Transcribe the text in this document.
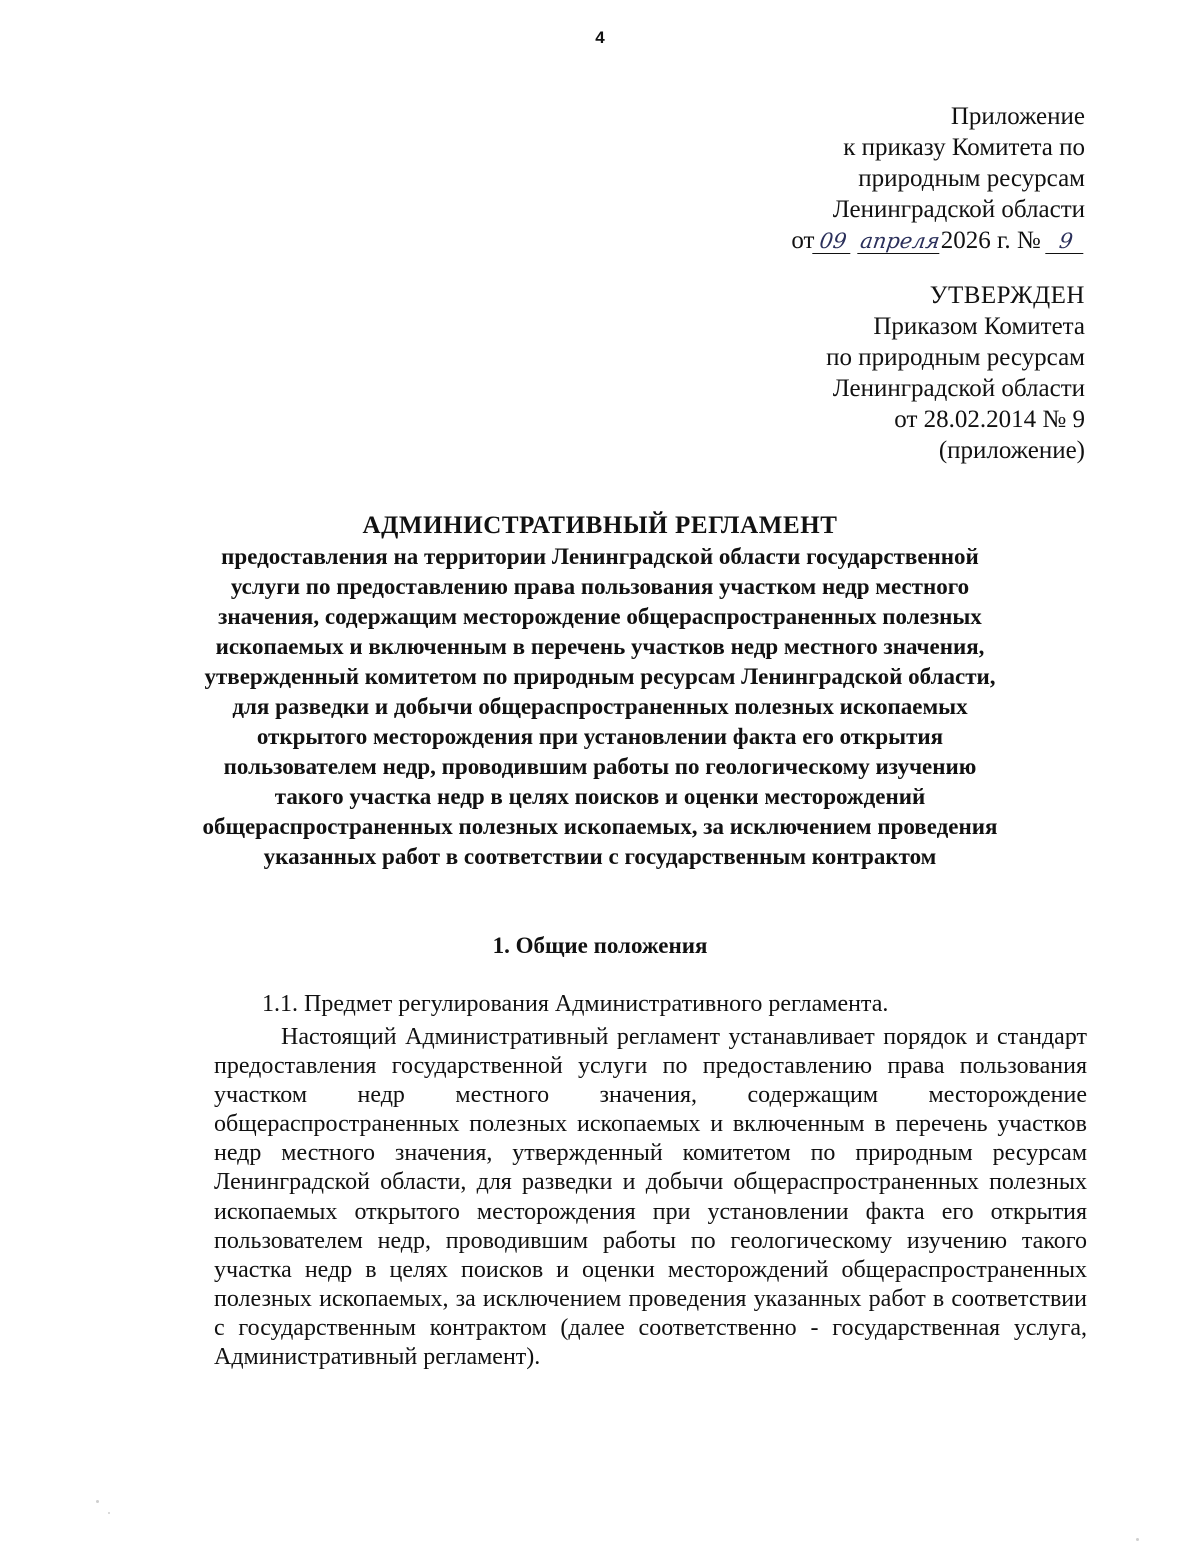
4
Приложение
к приказу Комитета по
природным ресурсам
Ленинградской области
от 09 апреля2026 г. № 9
УТВЕРЖДЕН
Приказом Комитета
по природным ресурсам
Ленинградской области
от 28.02.2014 № 9
(приложение)
АДМИНИСТРАТИВНЫЙ РЕГЛАМЕНТ
предоставления на территории Ленинградской области государственной услуги по предоставлению права пользования участком недр местного значения, содержащим месторождение общераспространенных полезных ископаемых и включенным в перечень участков недр местного значения, утвержденный комитетом по природным ресурсам Ленинградской области, для разведки и добычи общераспространенных полезных ископаемых открытого месторождения при установлении факта его открытия пользователем недр, проводившим работы по геологическому изучению такого участка недр в целях поисков и оценки месторождений общераспространенных полезных ископаемых, за исключением проведения указанных работ в соответствии с государственным контрактом
1. Общие положения
1.1. Предмет регулирования Административного регламента.
Настоящий Административный регламент устанавливает порядок и стандарт предоставления государственной услуги по предоставлению права пользования участком недр местного значения, содержащим месторождение общераспространенных полезных ископаемых и включенным в перечень участков недр местного значения, утвержденный комитетом по природным ресурсам Ленинградской области, для разведки и добычи общераспространенных полезных ископаемых открытого месторождения при установлении факта его открытия пользователем недр, проводившим работы по геологическому изучению такого участка недр в целях поисков и оценки месторождений общераспространенных полезных ископаемых, за исключением проведения указанных работ в соответствии с государственным контрактом (далее соответственно - государственная услуга, Административный регламент).
